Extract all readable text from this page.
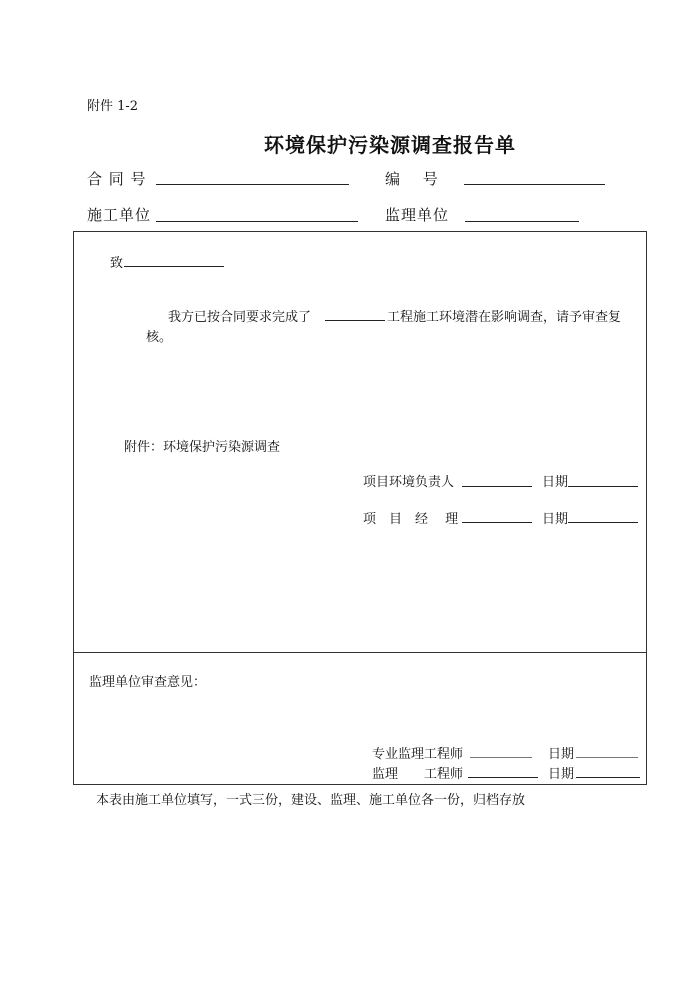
附件 1-2
环境保护污染源调查报告单
合 同 号	编　 号
施工单位	监理单位
致
我方已按合同要求完成了	工程施工环境潜在影响调查，请予审查复
核。
附件：环境保护污染源调查
项目环境负责人	日期
项　目　经　 理	日期
监理单位审查意见：
专业监理工程师	日期
监理　　工程师	日期
本表由施工单位填写，一式三份，建设、监理、施工单位各一份，归档存放
